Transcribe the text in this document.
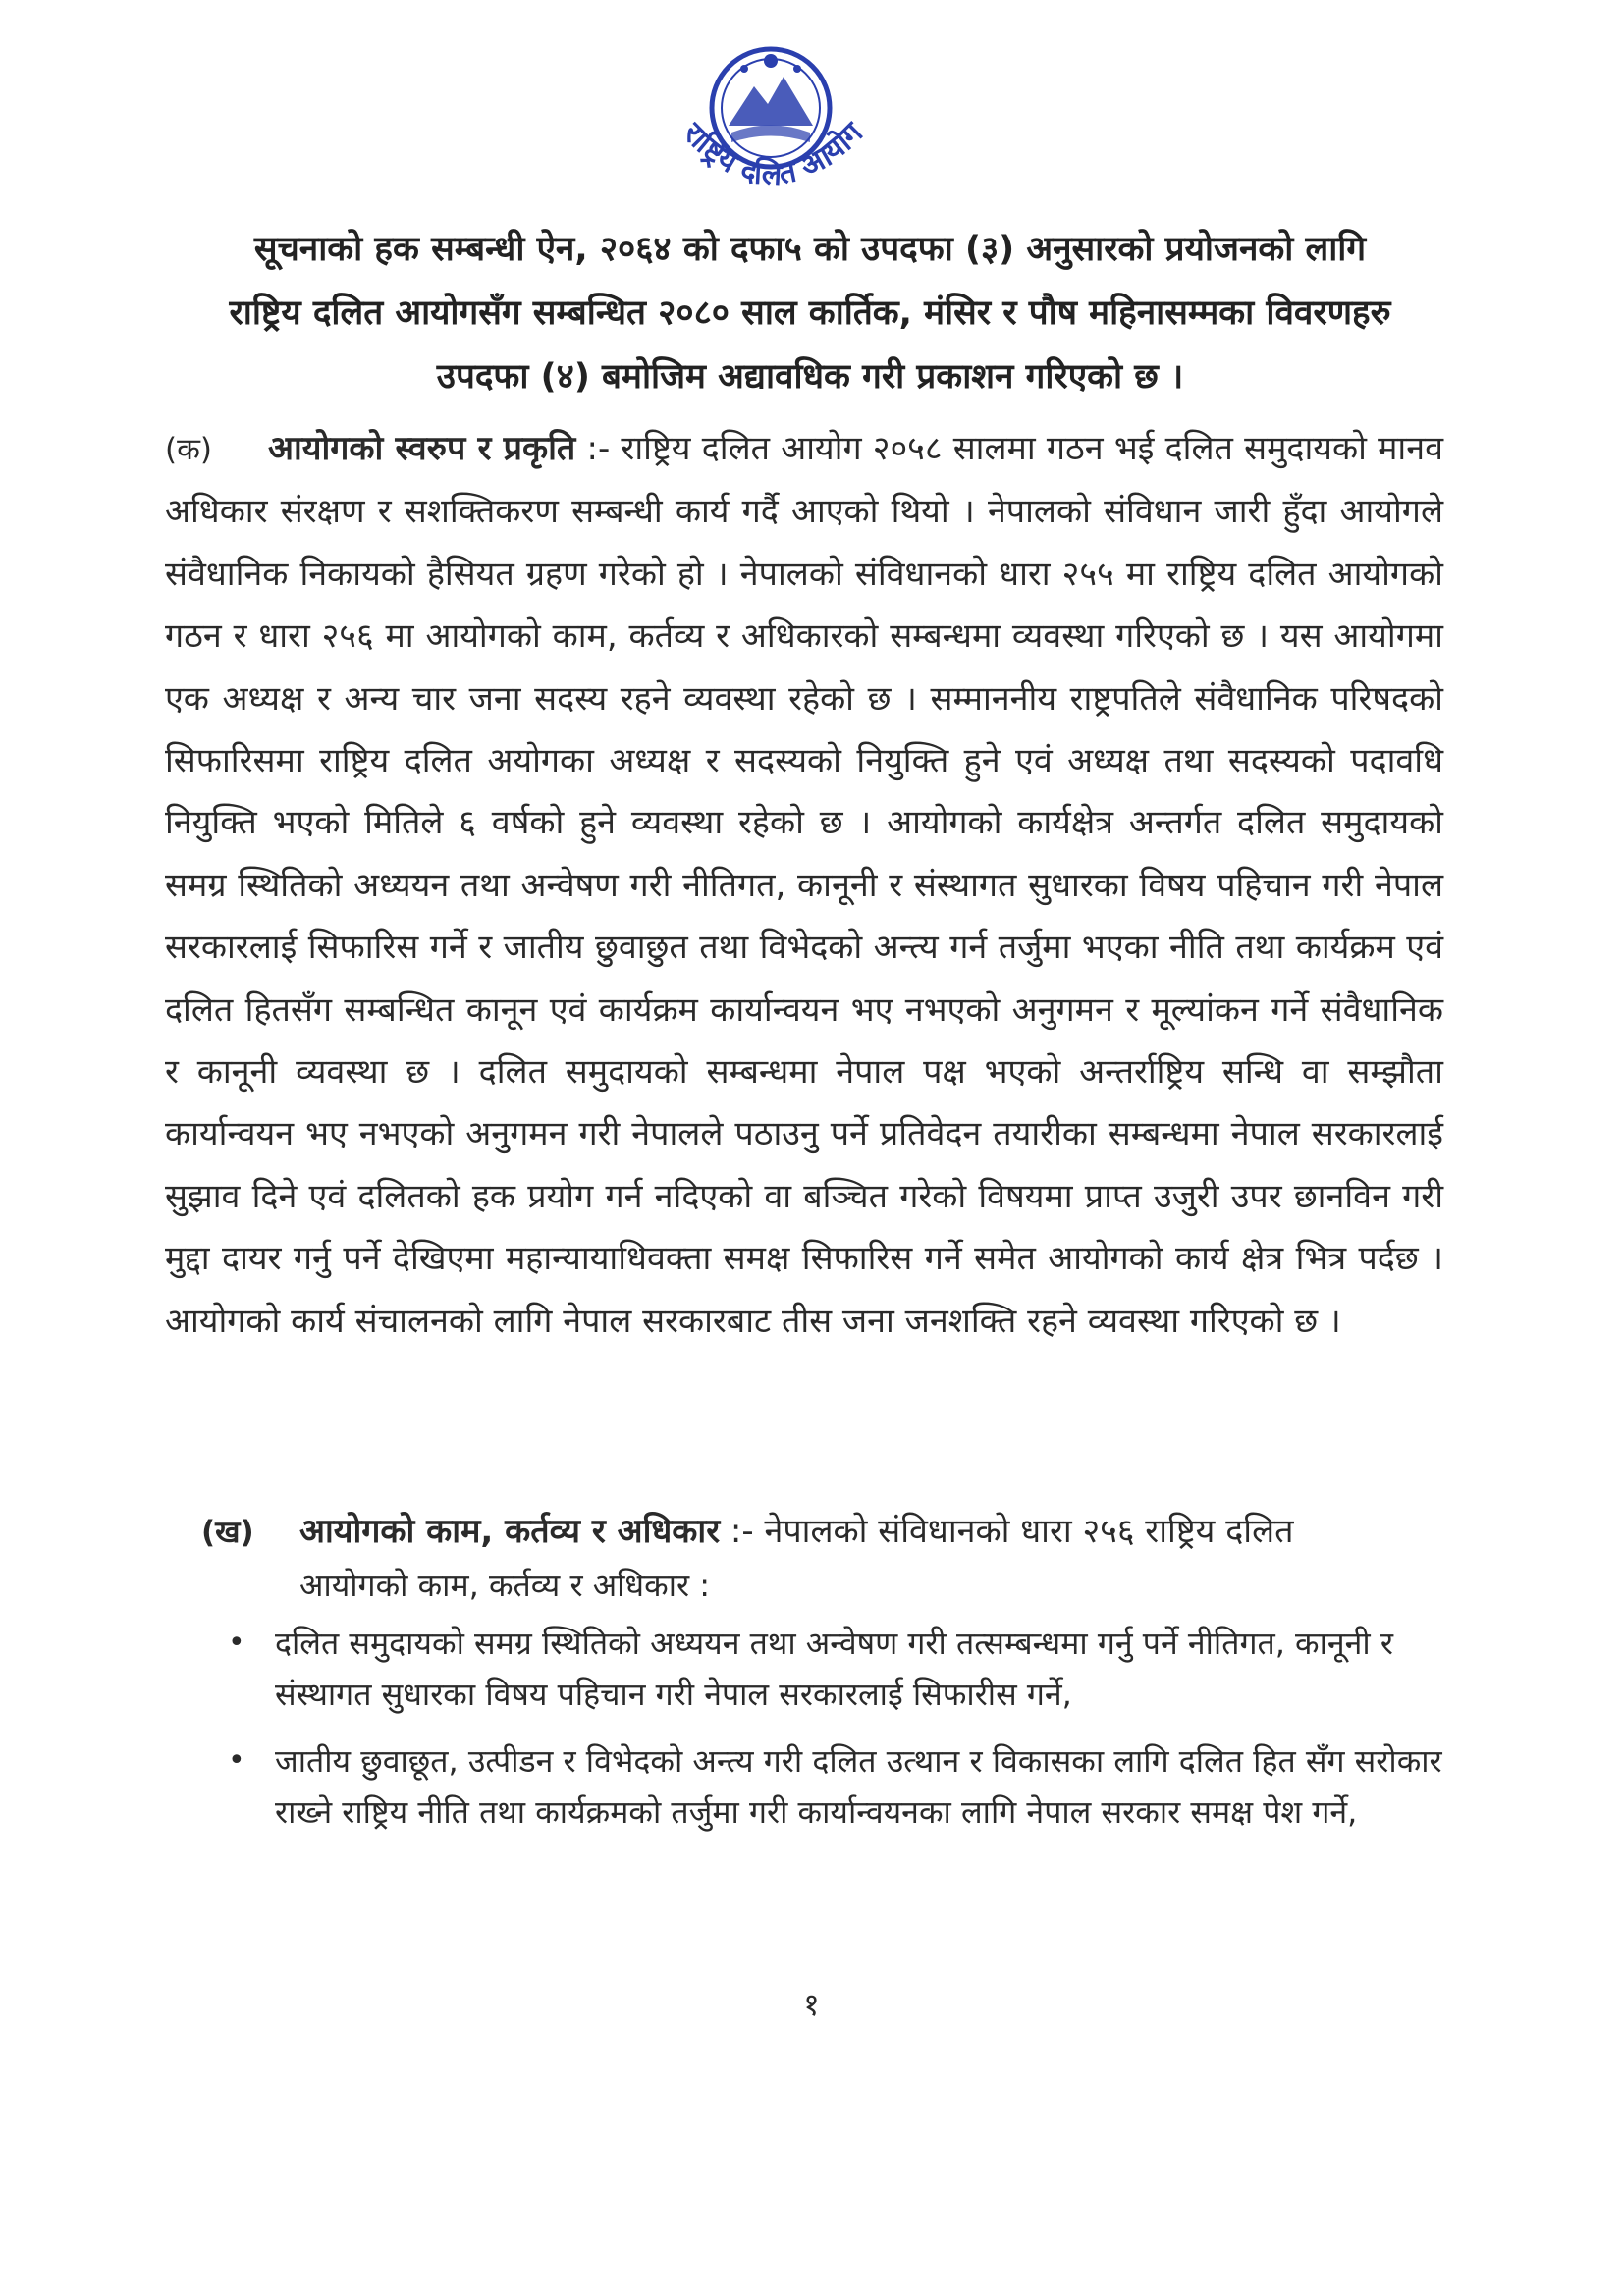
राष्ट्रिय दलित आयोग
सूचनाको हक सम्बन्धी ऐन, २०६४ को दफा५ को उपदफा (३) अनुसारको प्रयोजनको लागि
राष्ट्रिय दलित आयोगसँग सम्बन्धित २०८० साल कार्तिक, मंसिर र पौष महिनासम्मका विवरणहरु
उपदफा (४) बमोजिम अद्यावधिक गरी प्रकाशन गरिएको छ ।
(क) आयोगको स्वरुप र प्रकृति :- राष्ट्रिय दलित आयोग २०५८ सालमा गठन भई दलित समुदायको मानव अधिकार संरक्षण र सशक्तिकरण सम्बन्धी कार्य गर्दै आएको थियो । नेपालको संविधान जारी हुँदा आयोगले संवैधानिक निकायको हैसियत ग्रहण गरेको हो । नेपालको संविधानको धारा २५५ मा राष्ट्रिय दलित आयोगको गठन र धारा २५६ मा आयोगको काम, कर्तव्य र अधिकारको सम्बन्धमा व्यवस्था गरिएको छ । यस आयोगमा एक अध्यक्ष र अन्य चार जना सदस्य रहने व्यवस्था रहेको छ । सम्माननीय राष्ट्रपतिले संवैधानिक परिषदको सिफारिसमा राष्ट्रिय दलित अयोगका अध्यक्ष र सदस्यको नियुक्ति हुने एवं अध्यक्ष तथा सदस्यको पदावधि नियुक्ति भएको मितिले ६ वर्षको हुने व्यवस्था रहेको छ । आयोगको कार्यक्षेत्र अन्तर्गत दलित समुदायको समग्र स्थितिको अध्ययन तथा अन्वेषण गरी नीतिगत, कानूनी र संस्थागत सुधारका विषय पहिचान गरी नेपाल सरकारलाई सिफारिस गर्ने र जातीय छुवाछुत तथा विभेदको अन्त्य गर्न तर्जुमा भएका नीति तथा कार्यक्रम एवं दलित हितसँग सम्बन्धित कानून एवं कार्यक्रम कार्यान्वयन भए नभएको अनुगमन र मूल्यांकन गर्ने संवैधानिक र कानूनी व्यवस्था छ । दलित समुदायको सम्बन्धमा नेपाल पक्ष भएको अन्तर्राष्ट्रिय सन्धि वा सम्झौता कार्यान्वयन भए नभएको अनुगमन गरी नेपालले पठाउनु पर्ने प्रतिवेदन तयारीका सम्बन्धमा नेपाल सरकारलाई सुझाव दिने एवं दलितको हक प्रयोग गर्न नदिएको वा बञ्चित गरेको विषयमा प्राप्त उजुरी उपर छानविन गरी मुद्दा दायर गर्नु पर्ने देखिएमा महान्यायाधिवक्ता समक्ष सिफारिस गर्ने समेत आयोगको कार्य क्षेत्र भित्र पर्दछ । आयोगको कार्य संचालनको लागि नेपाल सरकारबाट तीस जना जनशक्ति रहने व्यवस्था गरिएको छ ।
(ख) आयोगको काम, कर्तव्य र अधिकार :- नेपालको संविधानको धारा २५६ राष्ट्रिय दलित
आयोगको काम, कर्तव्य र अधिकार :
• दलित समुदायको समग्र स्थितिको अध्ययन तथा अन्वेषण गरी तत्सम्बन्धमा गर्नु पर्ने नीतिगत, कानूनी र संस्थागत सुधारका विषय पहिचान गरी नेपाल सरकारलाई सिफारीस गर्ने,
• जातीय छुवाछूत, उत्पीडन र विभेदको अन्त्य गरी दलित उत्थान र विकासका लागि दलित हित सँग सरोकार राख्ने राष्ट्रिय नीति तथा कार्यक्रमको तर्जुमा गरी कार्यान्वयनका लागि नेपाल सरकार समक्ष पेश गर्ने,
१
